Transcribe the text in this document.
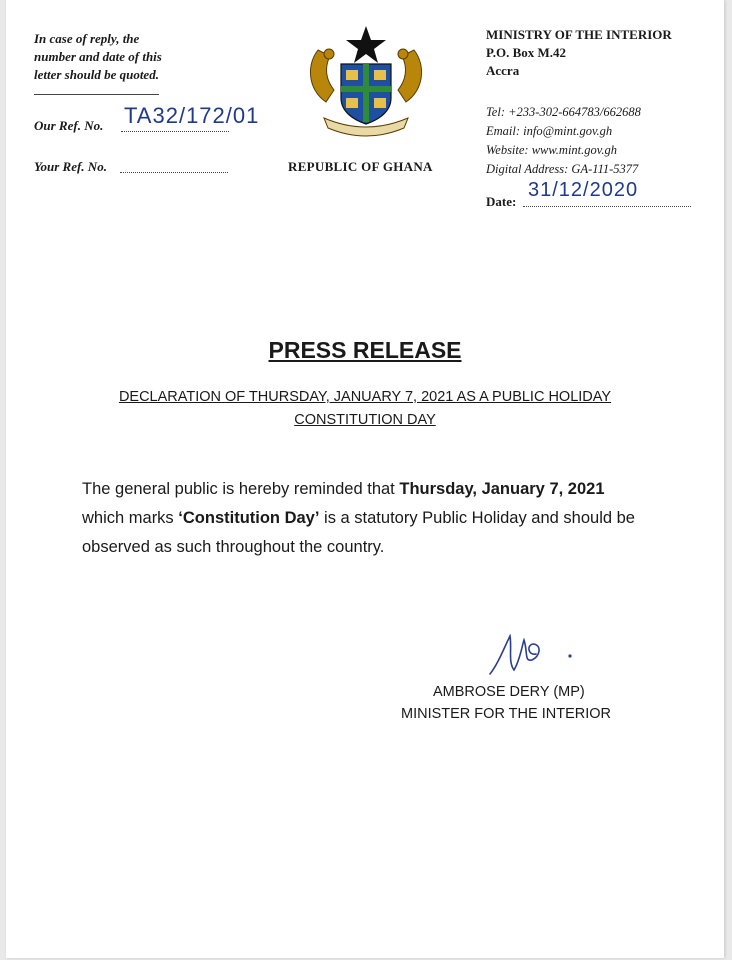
In case of reply, the
number and date of this
letter should be quoted.
Our Ref. No. TA32/172/01
Your Ref. No.	REPUBLIC OF GHANA
MINISTRY OF THE INTERIOR
P.O. Box M.42
Accra
Tel: +233-302-664783/662688
Email: info@mint.gov.gh
Website: www.mint.gov.gh
Digital Address: GA-111-5377
Date:
31/12/2020
PRESS RELEASE
DECLARATION OF THURSDAY, JANUARY 7, 2021 AS A PUBLIC HOLIDAY
CONSTITUTION DAY

The general public is hereby reminded that Thursday, January 7, 2021 which marks ‘Constitution Day’ is a statutory Public Holiday and should be observed as such throughout the country.

AMBROSE DERY (MP)
MINISTER FOR THE INTERIOR
